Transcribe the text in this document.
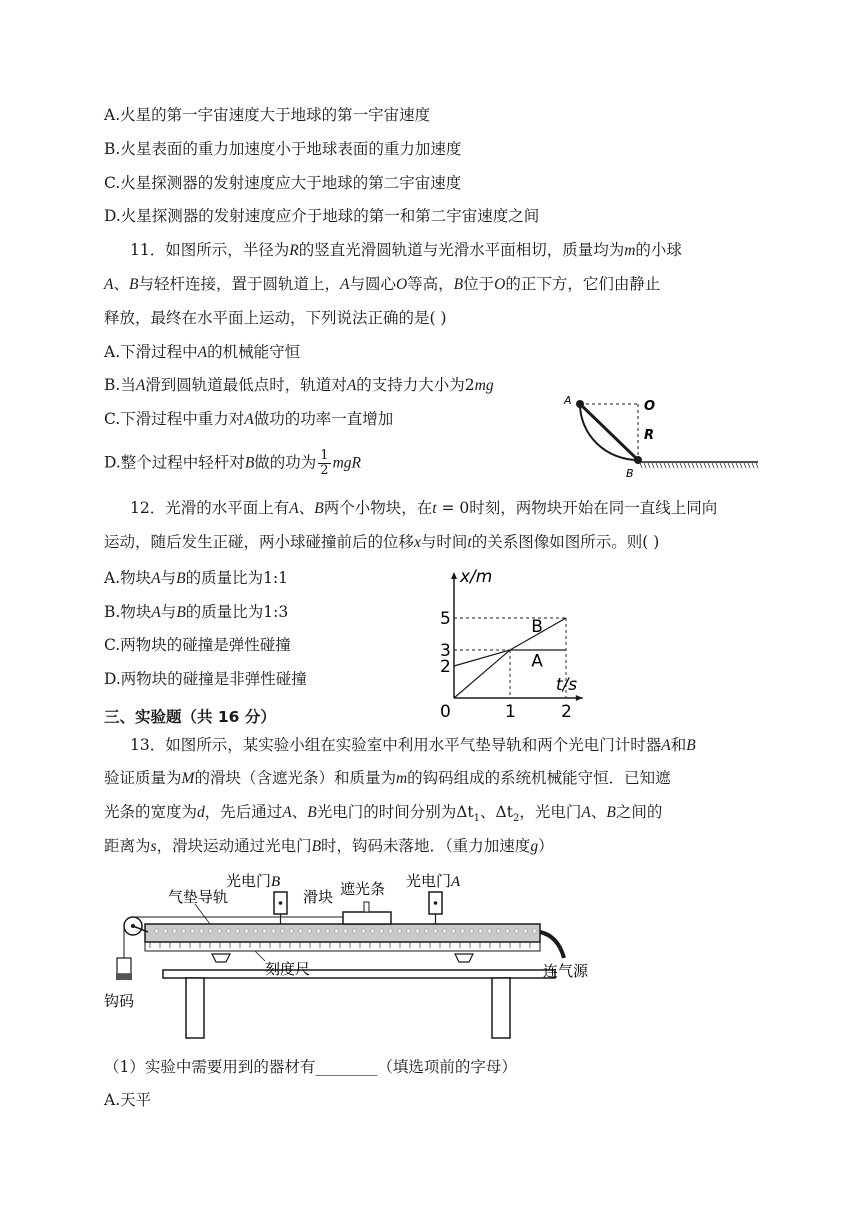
A.火星的第一宇宙速度大于地球的第一宇宙速度
B.火星表面的重力加速度小于地球表面的重力加速度
C.火星探测器的发射速度应大于地球的第二宇宙速度
D.火星探测器的发射速度应介于地球的第一和第二宇宙速度之间
11．如图所示，半径为R的竖直光滑圆轨道与光滑水平面相切，质量均为m的小球
A、B与轻杆连接，置于圆轨道上，A与圆心O等高，B位于O的正下方，它们由静止
释放，最终在水平面上运动，下列说法正确的是( )
A.下滑过程中A的机械能守恒
B.当A滑到圆轨道最低点时，轨道对A的支持力大小为2mg
C.下滑过程中重力对A做功的功率一直增加
D.整个过程中轻杆对B做的功为 $\frac{1}{2}$ mgR
A	O
R
B
12．光滑的水平面上有A、B两个小物块，在t = 0时刻，两物块开始在同一直线上同向
运动，随后发生正碰，两小球碰撞前后的位移x与时间t的关系图像如图所示。则( )
A.物块A与B的质量比为1:1
B.物块A与B的质量比为1:3
C.两物块的碰撞是弹性碰撞
D.两物块的碰撞是非弹性碰撞
B
A
2
3
5
0	1	2
t/s
x/m
三、实验题（共 16 分）
13．如图所示，某实验小组在实验室中利用水平气垫导轨和两个光电门计时器A和B
验证质量为M的滑块（含遮光条）和质量为m的钩码组成的系统机械能守恒．已知遮
光条的宽度为d，先后通过A、B光电门的时间分别为$\Delta t_1$、$\Delta t_2$，光电门A、B之间的
距离为s，滑块运动通过光电门B时，钩码未落地．（重力加速度g）
光电门B	光电门A
气垫导轨	滑块 遮光条
刻度尺	连气源
钩码
（1）实验中需要用到的器材有________（填选项前的字母）
A.天平
